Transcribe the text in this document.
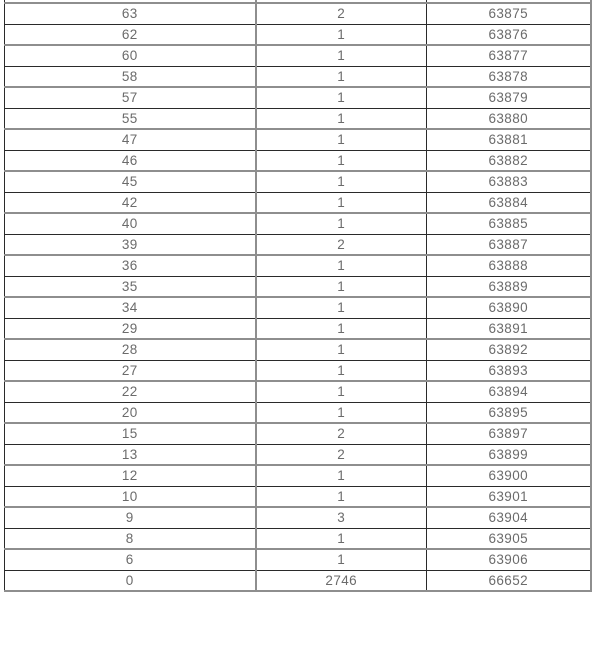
63	2	63875
62	1	63876
60	1	63877
58	1	63878
57	1	63879
55	1	63880
47	1	63881
46	1	63882
45	1	63883
42	1	63884
40	1	63885
39	2	63887
36	1	63888
35	1	63889
34	1	63890
29	1	63891
28	1	63892
27	1	63893
22	1	63894
20	1	63895
15	2	63897
13	2	63899
12	1	63900
10	1	63901
9	3	63904
8	1	63905
6	1	63906
0	2746	66652
